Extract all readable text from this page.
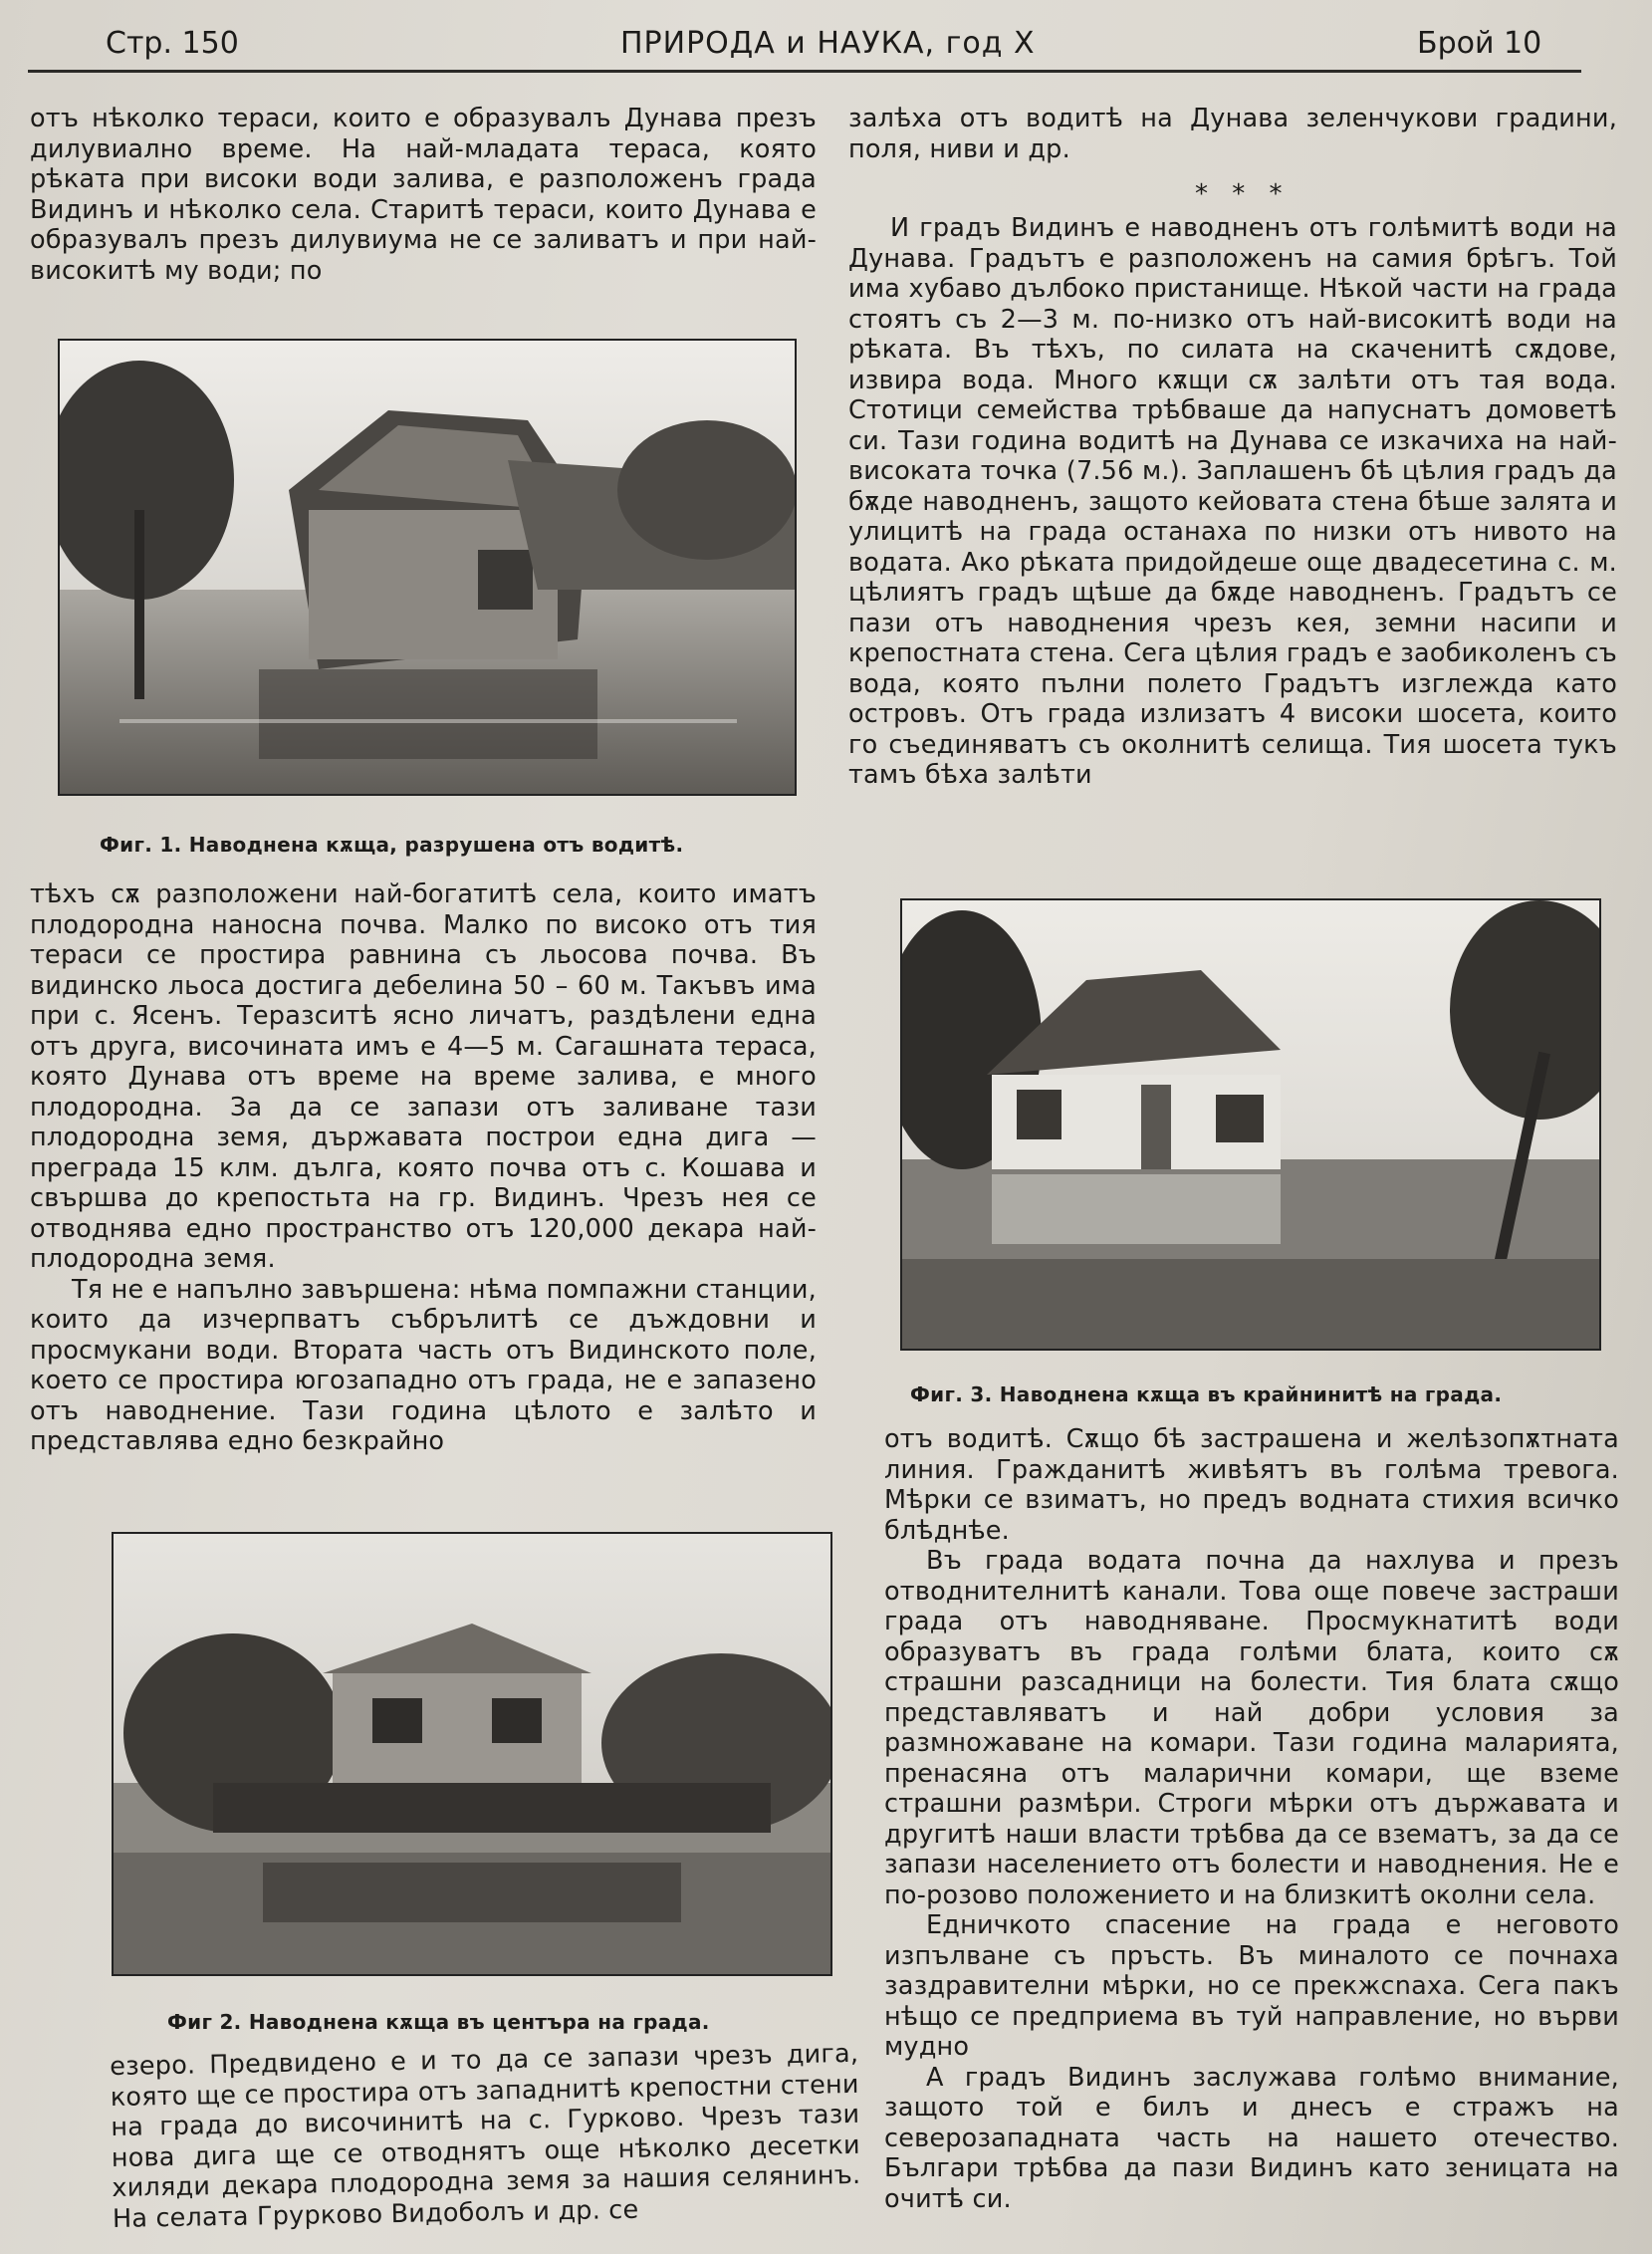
Стр. 150	ПРИРОДА и НАУКА, год X	Брой 10

отъ нѣколко тераси, които е образувалъ Дунава презъ дилувиално време. На най-младата тераса, която рѣката при високи води залива, е разположенъ града Видинъ и нѣколко села. Старитѣ тераси, които Дунава е образувалъ презъ дилувиума не се заливатъ и при най-високитѣ му води; по

Фиг. 1. Наводнена кѫща, разрушена отъ водитѣ.

тѣхъ сѫ разположени най-богатитѣ села, които иматъ плодородна наносна почва. Малко по високо отъ тия тераси се простира равнина съ льосова почва. Въ видинско льоса достига дебелина 50 – 60 м. Такъвъ има при с. Ясенъ. Теразситѣ ясно личатъ, раздѣлени една отъ друга, височината имъ е 4—5 м. Сагашната тераса, която Дунава отъ време на време залива, е много плодородна. За да се запази отъ заливане тази плодородна земя, държавата построи една дига — преграда 15 клм. дълга, която почва отъ с. Кошава и свършва до крепостьта на гр. Видинъ. Чрезъ нея се отводнява едно пространство отъ 120,000 декара най-плодородна земя.

Тя не е напълно завършена: нѣма помпажни станции, които да изчерпватъ събрълитѣ се дъждовни и просмукани води. Втората часть отъ Видинското поле, което се простира югозападно отъ града, не е запазено отъ наводнение. Тази година цѣлото е залѣто и представлява едно безкрайно

Фиг 2. Наводнена кѫща въ центъра на града.

езеро. Предвидено е и то да се запази чрезъ дига, която ще се простира отъ западнитѣ крепостни стени на града до височинитѣ на с. Гурково. Чрезъ тази нова дига ще се отводнятъ още нѣколко десетки хиляди декара плодородна земя за нашия селянинъ. На селата Грурково Видоболъ и др. се

залѣха отъ водитѣ на Дунава зеленчукови градини, поля, ниви и др.

* * *

И градъ Видинъ е наводненъ отъ голѣмитѣ води на Дунава. Градътъ е разположенъ на самия брѣгъ. Той има хубаво дълбоко пристанище. Нѣкой части на града стоятъ съ 2—3 м. по-низко отъ най-високитѣ води на рѣката. Въ тѣхъ, по силата на скаченитѣ сѫдове, извира вода. Много кѫщи сѫ залѣти отъ тая вода. Стотици семейства трѣбваше да напуснатъ домоветѣ си. Тази година водитѣ на Дунава се изкачиха на най-високата точка (7.56 м.). Заплашенъ бѣ цѣлия градъ да бѫде наводненъ, защото кейовата стена бѣше залята и улицитѣ на града останаха по низки отъ нивото на водата. Ако рѣката придойдеше още двадесетина с. м. цѣлиятъ градъ щѣше да бѫде наводненъ. Градътъ се пази отъ наводнения чрезъ кея, земни насипи и крепостната стена. Сега цѣлия градъ е заобиколенъ съ вода, която пълни полето Градътъ изглежда като островъ. Отъ града излизатъ 4 високи шосета, които го съединяватъ съ околнитѣ селища. Тия шосета тукъ тамъ бѣха залѣти

Фиг. 3. Наводнена кѫща въ крайнинитѣ на града.

отъ водитѣ. Сѫщо бѣ застрашена и желѣзопѫтната линия. Гражданитѣ живѣятъ въ голѣма тревога. Мѣрки се взиматъ, но предъ водната стихия всичко блѣднѣе.

Въ града водата почна да нахлува и презъ отводнителнитѣ канали. Това още повече застраши града отъ наводняване. Просмукнатитѣ води образуватъ въ града голѣми блата, които сѫ страшни разсадници на болести. Тия блата сѫщо представляватъ и най добри условия за размножаване на комари. Тази година маларията, пренасяна отъ маларични комари, ще вземе страшни размѣри. Строги мѣрки отъ държавата и другитѣ наши власти трѣбва да се взематъ, за да се запази населението отъ болести и наводнения. Не е по-розово положението и на близкитѣ околни села.

Едничкото спасение на града е неговото изпълване съ пръсть. Въ миналото се почнаха заздравителни мѣрки, но се прекжсnaxa. Сега пакъ нѣщо се предприема въ туй направление, но върви мудно

А градъ Видинъ заслужава голѣмо внимание, защото той е билъ и днесъ е стражъ на северозападната часть на нашето отечество. Българи трѣбва да пази Видинъ като зеницата на очитѣ си.
